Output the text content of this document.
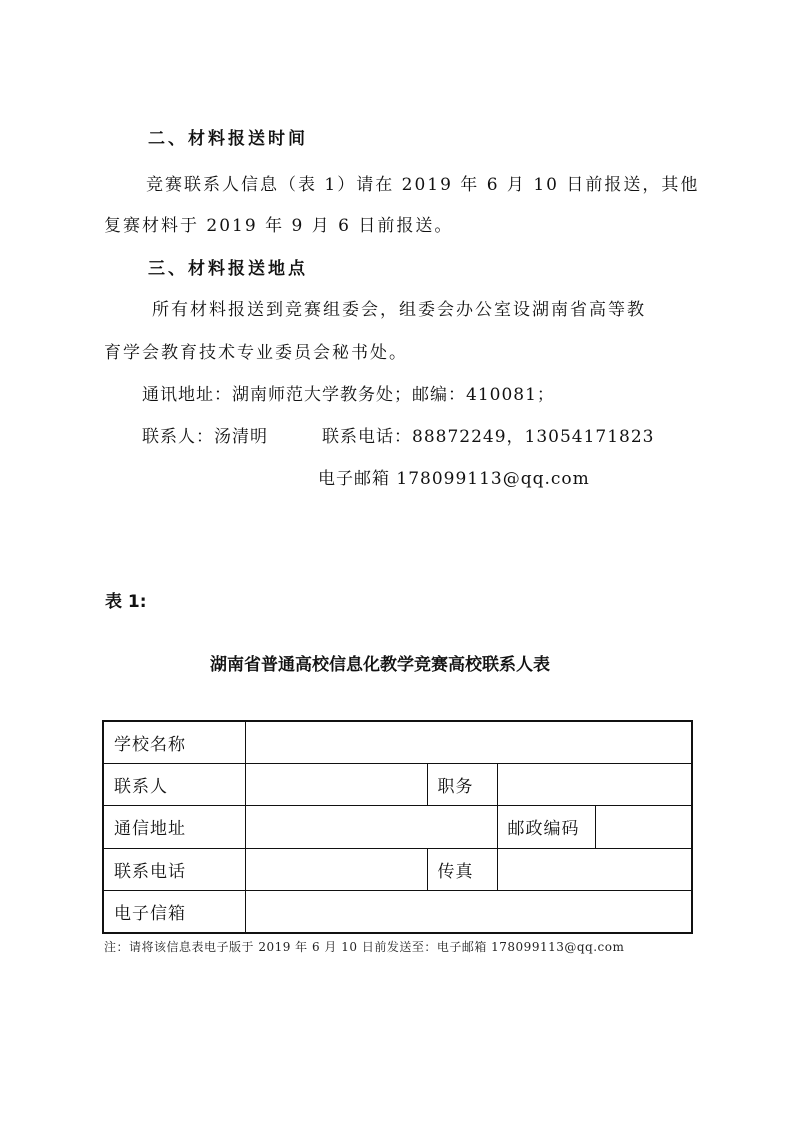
二、材料报送时间
竞赛联系人信息（表 1）请在 2019 年 6 月 10 日前报送，其他
复赛材料于 2019 年 9 月 6 日前报送。
三、材料报送地点
所有材料报送到竞赛组委会，组委会办公室设湖南省高等教
育学会教育技术专业委员会秘书处。
通讯地址：湖南师范大学教务处；邮编：410081；
联系人：汤清明	联系电话：88872249，13054171823
电子邮箱 178099113@qq.com
表 1:
湖南省普通高校信息化教学竞赛高校联系人表
学校名称				
联系人		职务		
通信地址			邮政编码	
联系电话		传真		
电子信箱				
注：请将该信息表电子版于 2019 年 6 月 10 日前发送至：电子邮箱 178099113@qq.com
